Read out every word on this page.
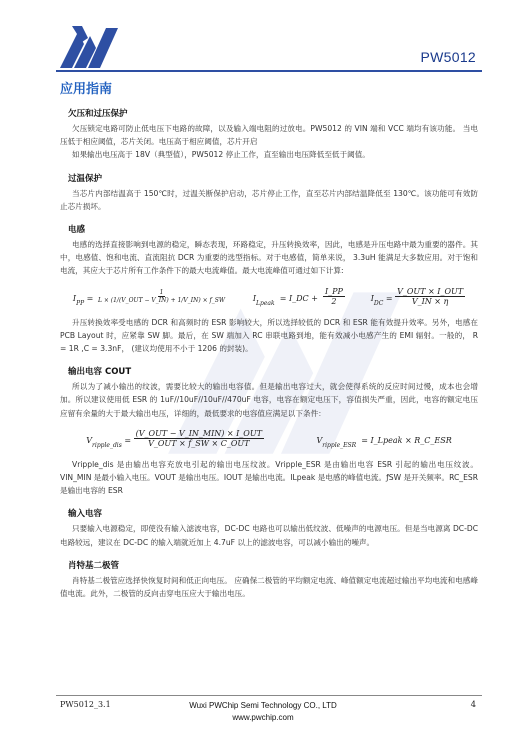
PW5012
应用指南
欠压和过压保护

欠压锁定电路可防止低电压下电路的故障，以及输入端电阻的过放电。PW5012 的 VIN 端和 VCC 端均有该功能。 当电压低于相应阈值，芯片关闭。电压高于相应阈值，芯片开启

如果输出电压高于 18V（典型值），PW5012 停止工作，直至输出电压降低至低于阈值。

过温保护

当芯片内部结温高于 150℃时，过温关断保护启动，芯片停止工作，直至芯片内部结温降低至 130℃。该功能可有效防止芯片损坏。

电感

电感的选择直接影响到电源的稳定，瞬态表现，环路稳定，升压转换效率，因此，电感是升压电路中最为重要的器件。其中，电感值、饱和电流、直流阻抗 DCR 为重要的选型指标。对于电感值，简单来说， 3.3uH 能满足大多数应用。对于饱和电流，其应大于芯片所有工作条件下的最大电流峰值。最大电流峰值可通过如下计算:

$I_{PP} = \frac{1}{\text{L × (1/(V\_OUT − V\_IN) + 1/V\_IN) × f\_SW}}$	$I_{Lpeak}$ = I_DC + $\frac{I\_PP}{2}$	$I_{DC} = \frac{\text{V\_OUT × I\_OUT}}{V\_IN \times \eta}$

升压转换效率受电感的 DCR 和高频时的 ESR 影响较大，所以选择较低的 DCR 和 ESR 能有效提升效率。另外，电感在 PCB Layout 时，应紧靠 SW 脚。最后，在 SW 端加入 RC 串联电路到地，能有效减小电感产生的 EMI 辐射。一般的， R = 1R ,C = 3.3nF， (建议均使用不小于 1206 的封装)。

输出电容 COUT

所以为了减小输出的纹波，需要比较大的输出电容值。但是输出电容过大，就会使得系统的反应时间过慢，成本也会增加。所以建议使用低 ESR 的 1uF//10uF//10uF//470uF 电容，电容在额定电压下，容值损失严重，因此，电容的额定电压应留有余量的大于最大输出电压，详细的，最低要求的电容值应满足以下条件：

$V_{ripple\_dis} = \frac{\text{(V\_OUT − V\_IN\_MIN) × I\_OUT}}{\text{V\_OUT × f\_SW × C\_OUT}}$	$V_{ripple\_ESR}$ = I_Lpeak × R_C_ESR

Vripple_dis 是由输出电容充放电引起的输出电压纹波。Vripple_ESR 是由输出电容 ESR 引起的输出电压纹波。VIN_MIN 是最小输入电压。VOUT 是输出电压。IOUT 是输出电流。ILpeak 是电感的峰值电流。ƒSW 是开关频率。RC_ESR 是输出电容的 ESR

输入电容

只要输入电源稳定，即使没有输入滤波电容，DC-DC 电路也可以输出低纹波、低噪声的电源电压。但是当电源离 DC-DC 电路较远，建议在 DC-DC 的输入端就近加上 4.7uF 以上的滤波电容，可以减小输出的噪声。

肖特基二极管

肖特基二极管应选择快恢复时间和低正向电压。 应确保二极管的平均额定电流、峰值额定电流超过输出平均电流和电感峰值电流。此外，二极管的反向击穿电压应大于输出电压。

PW5012_3.1	Wuxi PWChip Semi Technology CO., LTD
www.pwchip.com
4
